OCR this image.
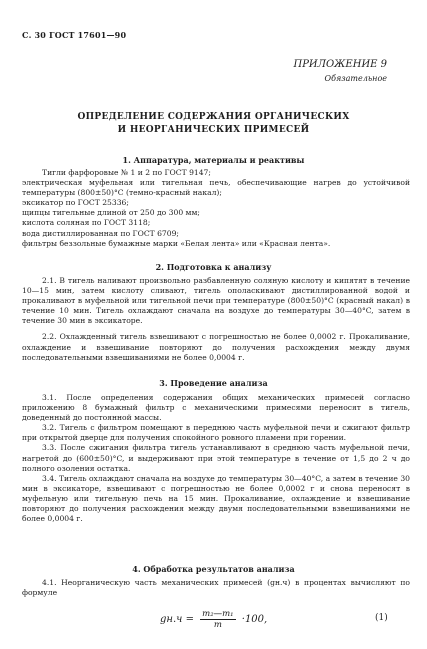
С. 30 ГОСТ 17601—90
ПРИЛОЖЕНИЕ 9
Обязательное
ОПРЕДЕЛЕНИЕ СОДЕРЖАНИЯ ОРГАНИЧЕСКИХ
И НЕОРГАНИЧЕСКИХ ПРИМЕСЕЙ
1. Аппаратура, материалы и реактивы

Тигли фарфоровые № 1 и 2 по ГОСТ 9147;

электрическая муфельная или тигельная печь, обеспечивающие нагрев до устойчивой температуры (800±50)°C (темно-красный накал);

эксикатор по ГОСТ 25336;

щипцы тигельные длиной от 250 до 300 мм;

кислота соляная по ГОСТ 3118;

вода дистиллированная по ГОСТ 6709;

фильтры беззольные бумажные марки «Белая лента» или «Красная лента».

2. Подготовка к анализу

2.1. В тигель наливают произвольно разбавленную соляную кислоту и кипятят в течение 10—15 мин, затем кислоту сливают, тигель ополаскивают дистиллированной водой и прокаливают в муфельной или тигельной печи при температуре (800±50)°C (красный накал) в течение 10 мин. Тигель охлаждают сначала на воздухе до температуры 30—40°C, затем в течение 30 мин в эксикаторе.

2.2. Охлажденный тигель взвешивают с погрешностью не более 0,0002 г. Прокаливание, охлаждение и взвешивание повторяют до получения расхождения между двумя последовательными взвешиваниями не более 0,0004 г.

3. Проведение анализа

3.1. После определения содержания общих механических примесей согласно приложению 8 бумажный фильтр с механическими примесями переносят в тигель, доведенный до постоянной массы.

3.2. Тигель с фильтром помещают в переднюю часть муфельной печи и сжигают фильтр при открытой дверце для получения спокойного ровного пламени при горении.

3.3. После сжигания фильтра тигель устанавливают в среднюю часть муфельной печи, нагретой до (600±50)°C, и выдерживают при этой температуре в течение от 1,5 до 2 ч до полного озоления остатка.

3.4. Тигель охлаждают сначала на воздухе до температуры 30—40°C, а затем в течение 30 мин в эксикаторе, взвешивают с погрешностью не более 0,0002 г и снова переносят в муфельную или тигельную печь на 15 мин. Прокаливание, охлаждение и взвешивание повторяют до получения расхождения между двумя последовательными взвешиваниями не более 0,0004 г.

4. Обработка результатов анализа

4.1. Неорганическую часть механических примесей (gн.ч) в процентах вычисляют по формуле

$gн.ч = \frac{\text{m₂—m₁}}{m} \cdot 100$,	(1)
